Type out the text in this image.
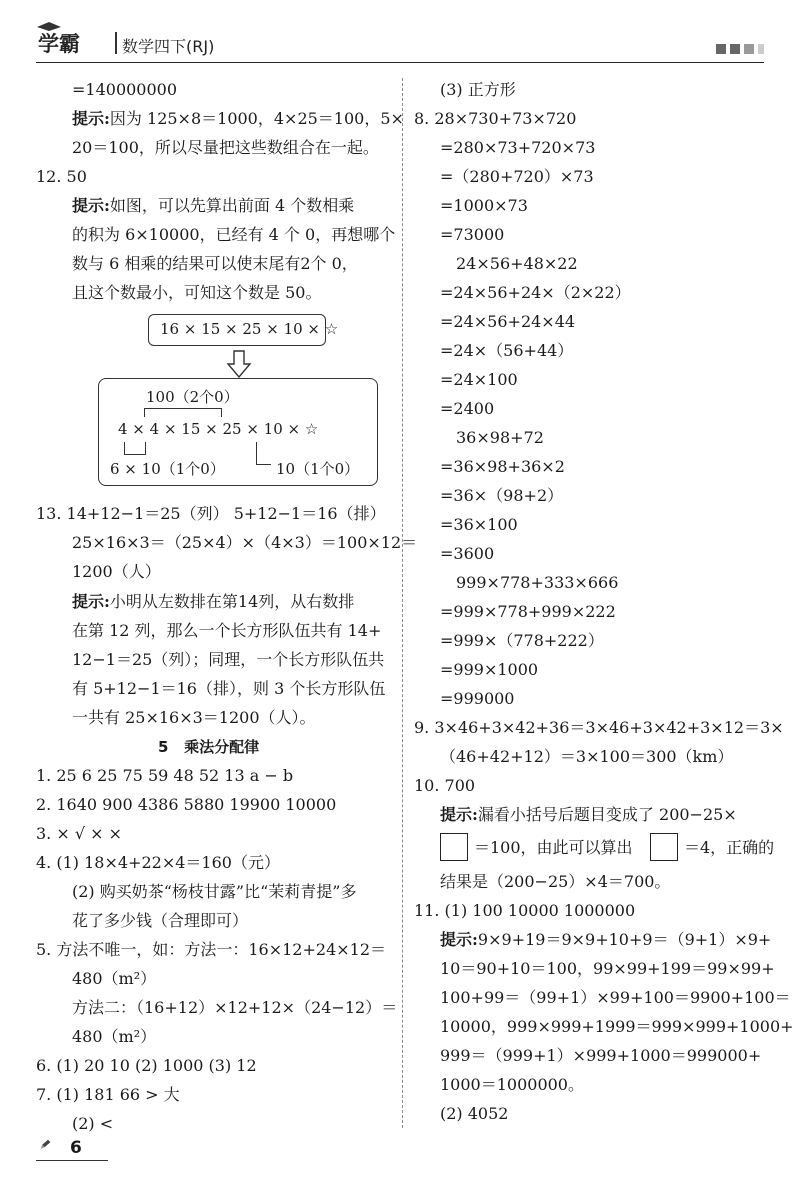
学霸	数学四下(RJ)
=140000000
提示:因为 125×8＝1000，4×25＝100，5×
20＝100，所以尽量把这些数组合在一起。
12. 50
提示:如图，可以先算出前面 4 个数相乘
的积为 6×10000，已经有 4 个 0，再想哪个
数与 6 相乘的结果可以使末尾有2个 0，
且这个数最小，可知这个数是 50。
16 × 15 × 25 × 10 × ☆
100（2个0）
4 × 4 × 15 × 25 × 10 × ☆
6 × 10（1个0）	10（1个0）
13. 14+12−1＝25（列） 5+12−1＝16（排）
25×16×3＝（25×4）×（4×3）＝100×12＝
1200（人）
提示:小明从左数排在第14列，从右数排
在第 12 列，那么一个长方形队伍共有 14+
12−1＝25（列）；同理，一个长方形队伍共
有 5+12−1＝16（排），则 3 个长方形队伍
一共有 25×16×3＝1200（人）。
5 乘法分配律
1. 25 6 25 75 59 48 52 13 a − b
2. 1640 900 4386 5880 19900 10000
3. × √ × ×
4. (1) 18×4+22×4＝160（元）
(2) 购买奶茶“杨枝甘露”比“茉莉青提”多
花了多少钱（合理即可）
5. 方法不唯一，如：方法一：16×12+24×12＝
480（m²）
方法二：（16+12）×12+12×（24−12）＝
480（m²）
6. (1) 20 10 (2) 1000 (3) 12
7. (1) 181 66 > 大
(2) <
(3) 正方形
8. 28×730+73×720
=280×73+720×73
=（280+720）×73
=1000×73
=73000
24×56+48×22
=24×56+24×（2×22）
=24×56+24×44
=24×（56+44）
=24×100
=2400
36×98+72
=36×98+36×2
=36×（98+2）
=36×100
=3600
999×778+333×666
=999×778+999×222
=999×（778+222）
=999×1000
=999000
9. 3×46+3×42+36＝3×46+3×42+3×12＝3×
（46+42+12）＝3×100＝300（km）
10. 700
提示:漏看小括号后题目变成了 200−25×
＝100，由此可以算出	＝4，正确的
结果是（200−25）×4＝700。
11. (1) 100 10000 1000000
提示:9×9+19＝9×9+10+9＝（9+1）×9+
10＝90+10＝100，99×99+199＝99×99+
100+99＝（99+1）×99+100＝9900+100＝
10000，999×999+1999＝999×999+1000+
999＝（999+1）×999+1000＝999000+
1000＝1000000。
(2) 4052
6
